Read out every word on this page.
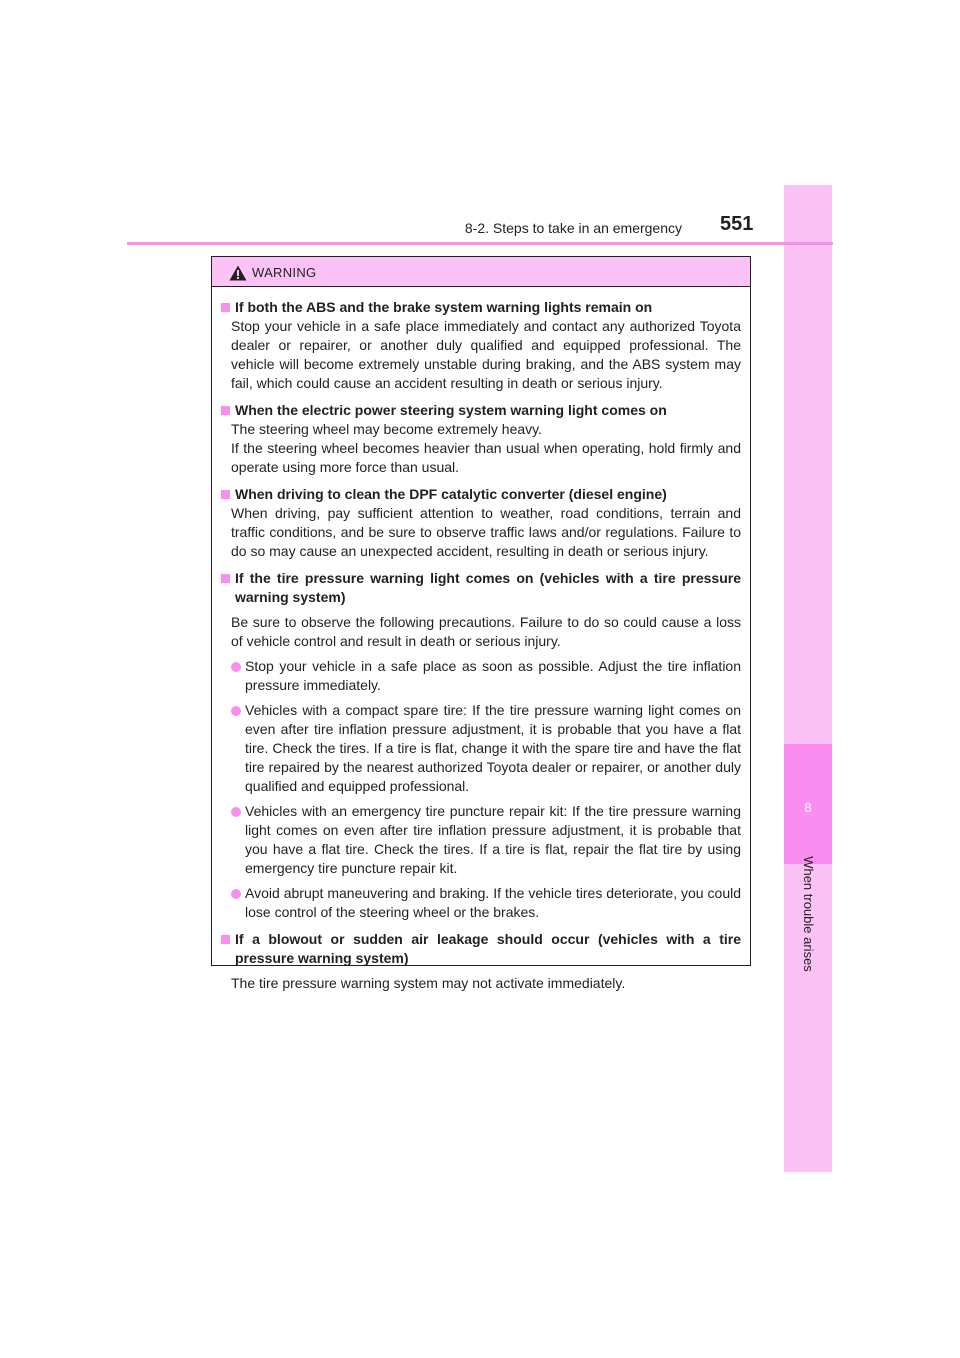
8
When trouble arises
8-2. Steps to take in an emergency 551
WARNING
If both the ABS and the brake system warning lights remain on
Stop your vehicle in a safe place immediately and contact any authorized Toyota dealer or repairer, or another duly qualified and equipped professional. The vehicle will become extremely unstable during braking, and the ABS system may fail, which could cause an accident resulting in death or serious injury.
When the electric power steering system warning light comes on
The steering wheel may become extremely heavy.
If the steering wheel becomes heavier than usual when operating, hold firmly and operate using more force than usual.
When driving to clean the DPF catalytic converter (diesel engine)
When driving, pay sufficient attention to weather, road conditions, terrain and traffic conditions, and be sure to observe traffic laws and/or regulations. Failure to do so may cause an unexpected accident, resulting in death or serious injury.
If the tire pressure warning light comes on (vehicles with a tire pressure warning system)
Be sure to observe the following precautions. Failure to do so could cause a loss of vehicle control and result in death or serious injury.
Stop your vehicle in a safe place as soon as possible. Adjust the tire inflation pressure immediately.
Vehicles with a compact spare tire: If the tire pressure warning light comes on even after tire inflation pressure adjustment, it is probable that you have a flat tire. Check the tires. If a tire is flat, change it with the spare tire and have the flat tire repaired by the nearest authorized Toyota dealer or repairer, or another duly qualified and equipped professional.
Vehicles with an emergency tire puncture repair kit: If the tire pressure warning light comes on even after tire inflation pressure adjustment, it is probable that you have a flat tire. Check the tires. If a tire is flat, repair the flat tire by using emergency tire puncture repair kit.
Avoid abrupt maneuvering and braking. If the vehicle tires deteriorate, you could lose control of the steering wheel or the brakes.
If a blowout or sudden air leakage should occur (vehicles with a tire pressure warning system)
The tire pressure warning system may not activate immediately.
